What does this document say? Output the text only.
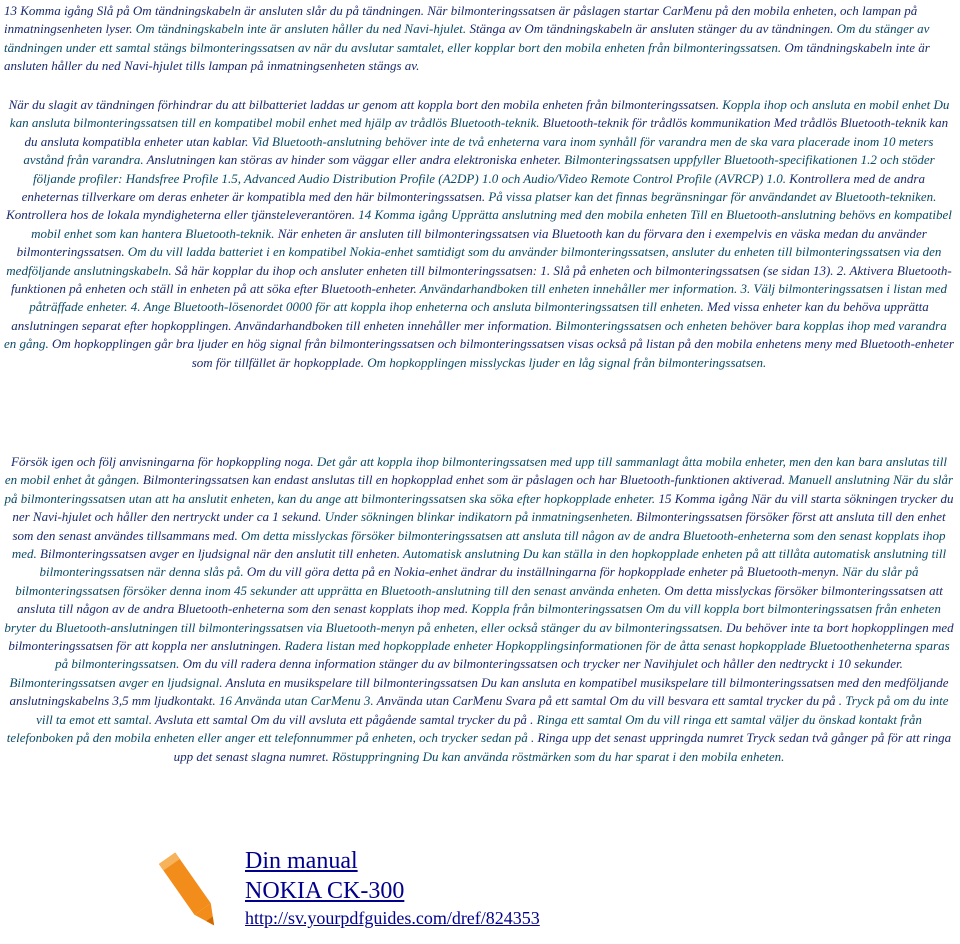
13 Komma igång Slå på Om tändningskabeln är ansluten slår du på tändningen. När bilmonteringssatsen är påslagen startar CarMenu på den mobila enheten, och lampan på inmatningsenheten lyser. Om tändningskabeln inte är ansluten håller du ned Navi-hjulet. Stänga av Om tändningskabeln är ansluten stänger du av tändningen. Om du stänger av tändningen under ett samtal stängs bilmonteringssatsen av när du avslutar samtalet, eller kopplar bort den mobila enheten från bilmonteringssatsen. Om tändningskabeln inte är ansluten håller du ned Navi-hjulet tills lampan på inmatningsenheten stängs av.
När du slagit av tändningen förhindrar du att bilbatteriet laddas ur genom att koppla bort den mobila enheten från bilmonteringssatsen. Koppla ihop och ansluta en mobil enhet Du kan ansluta bilmonteringssatsen till en kompatibel mobil enhet med hjälp av trådlös Bluetooth-teknik. Bluetooth-teknik för trådlös kommunikation Med trådlös Bluetooth-teknik kan du ansluta kompatibla enheter utan kablar. Vid Bluetooth-anslutning behöver inte de två enheterna vara inom synhåll för varandra men de ska vara placerade inom 10 meters avstånd från varandra. Anslutningen kan störas av hinder som väggar eller andra elektroniska enheter. Bilmonteringssatsen uppfyller Bluetooth-specifikationen 1.2 och stöder följande profiler: Handsfree Profile 1.5, Advanced Audio Distribution Profile (A2DP) 1.0 och Audio/Video Remote Control Profile (AVRCP) 1.0. Kontrollera med de andra enheternas tillverkare om deras enheter är kompatibla med den här bilmonteringssatsen. På vissa platser kan det finnas begränsningar för användandet av Bluetooth-tekniken. Kontrollera hos de lokala myndigheterna eller tjänsteleverantören. 14 Komma igång Upprätta anslutning med den mobila enheten Till en Bluetooth-anslutning behövs en kompatibel mobil enhet som kan hantera Bluetooth-teknik. När enheten är ansluten till bilmonteringssatsen via Bluetooth kan du förvara den i exempelvis en väska medan du använder bilmonteringssatsen. Om du vill ladda batteriet i en kompatibel Nokia-enhet samtidigt som du använder bilmonteringssatsen, ansluter du enheten till bilmonteringssatsen via den medföljande anslutningskabeln. Så här kopplar du ihop och ansluter enheten till bilmonteringssatsen: 1. Slå på enheten och bilmonteringssatsen (se sidan 13). 2. Aktivera Bluetooth-funktionen på enheten och ställ in enheten på att söka efter Bluetooth-enheter. Användarhandboken till enheten innehåller mer information. 3. Välj bilmonteringssatsen i listan med påträffade enheter. 4. Ange Bluetooth-lösenordet 0000 för att koppla ihop enheterna och ansluta bilmonteringssatsen till enheten. Med vissa enheter kan du behöva upprätta anslutningen separat efter hopkopplingen. Användarhandboken till enheten innehåller mer information. Bilmonteringssatsen och enheten behöver bara kopplas ihop med varandra en gång. Om hopkopplingen går bra ljuder en hög signal från bilmonteringssatsen och bilmonteringssatsen visas också på listan på den mobila enhetens meny med Bluetooth-enheter som för tillfället är hopkopplade. Om hopkopplingen misslyckas ljuder en låg signal från bilmonteringssatsen.
Försök igen och följ anvisningarna för hopkoppling noga. Det går att koppla ihop bilmonteringssatsen med upp till sammanlagt åtta mobila enheter, men den kan bara anslutas till en mobil enhet åt gången. Bilmonteringssatsen kan endast anslutas till en hopkopplad enhet som är påslagen och har Bluetooth-funktionen aktiverad. Manuell anslutning När du slår på bilmonteringssatsen utan att ha anslutit enheten, kan du ange att bilmonteringssatsen ska söka efter hopkopplade enheter. 15 Komma igång När du vill starta sökningen trycker du ner Navi-hjulet och håller den nertryckt under ca 1 sekund. Under sökningen blinkar indikatorn på inmatningsenheten. Bilmonteringssatsen försöker först att ansluta till den enhet som den senast användes tillsammans med. Om detta misslyckas försöker bilmonteringssatsen att ansluta till någon av de andra Bluetooth-enheterna som den senast kopplats ihop med. Bilmonteringssatsen avger en ljudsignal när den anslutit till enheten. Automatisk anslutning Du kan ställa in den hopkopplade enheten på att tillåta automatisk anslutning till bilmonteringssatsen när denna slås på. Om du vill göra detta på en Nokia-enhet ändrar du inställningarna för hopkopplade enheter på Bluetooth-menyn. När du slår på bilmonteringssatsen försöker denna inom 45 sekunder att upprätta en Bluetooth-anslutning till den senast använda enheten. Om detta misslyckas försöker bilmonteringssatsen att ansluta till någon av de andra Bluetooth-enheterna som den senast kopplats ihop med. Koppla från bilmonteringssatsen Om du vill koppla bort bilmonteringssatsen från enheten bryter du Bluetooth-anslutningen till bilmonteringssatsen via Bluetooth-menyn på enheten, eller också stänger du av bilmonteringssatsen. Du behöver inte ta bort hopkopplingen med bilmonteringssatsen för att koppla ner anslutningen. Radera listan med hopkopplade enheter Hopkopplingsinformationen för de åtta senast hopkopplade Bluetoothenheterna sparas på bilmonteringssatsen. Om du vill radera denna information stänger du av bilmonteringssatsen och trycker ner Navihjulet och håller den nedtryckt i 10 sekunder. Bilmonteringssatsen avger en ljudsignal. Ansluta en musikspelare till bilmonteringssatsen Du kan ansluta en kompatibel musikspelare till bilmonteringssatsen med den medföljande anslutningskabelns 3,5 mm ljudkontakt. 16 Använda utan CarMenu 3. Använda utan CarMenu Svara på ett samtal Om du vill besvara ett samtal trycker du på . Tryck på om du inte vill ta emot ett samtal. Avsluta ett samtal Om du vill avsluta ett pågående samtal trycker du på . Ringa ett samtal Om du vill ringa ett samtal väljer du önskad kontakt från telefonboken på den mobila enheten eller anger ett telefonnummer på enheten, och trycker sedan på . Ringa upp det senast uppringda numret Tryck sedan två gånger på för att ringa upp det senast slagna numret. Röstuppringning Du kan använda röstmärken som du har sparat i den mobila enheten.
Din manual
NOKIA CK-300
http://sv.yourpdfguides.com/dref/824353
